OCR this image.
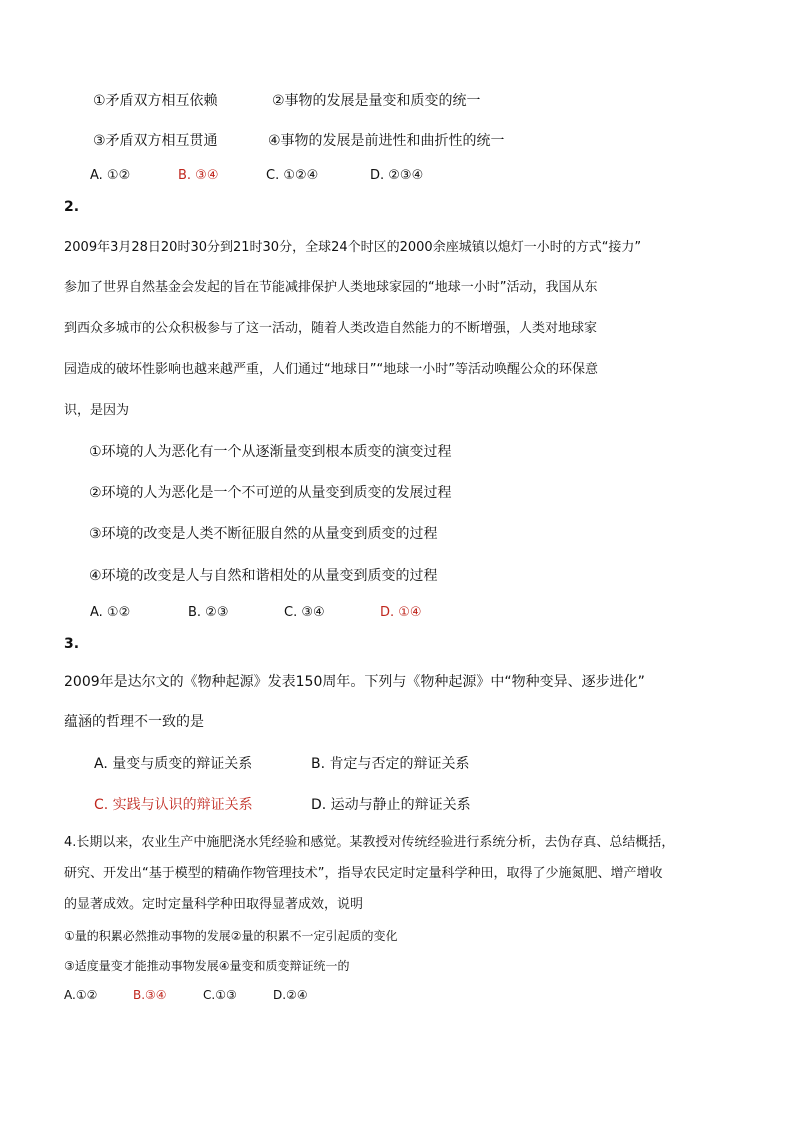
①矛盾双方相互依赖	②事物的发展是量变和质变的统一
③矛盾双方相互贯通	④事物的发展是前进性和曲折性的统一
A. ①②	B. ③④	C. ①②④	D. ②③④
2.
2009年3月28日20时30分到21时30分，全球24个时区的2000余座城镇以熄灯一小时的方式“接力”
参加了世界自然基金会发起的旨在节能减排保护人类地球家园的“地球一小时”活动，我国从东
到西众多城市的公众积极参与了这一活动，随着人类改造自然能力的不断增强，人类对地球家
园造成的破坏性影响也越来越严重，人们通过“地球日”“地球一小时”等活动唤醒公众的环保意
识，是因为
①环境的人为恶化有一个从逐渐量变到根本质变的演变过程
②环境的人为恶化是一个不可逆的从量变到质变的发展过程
③环境的改变是人类不断征服自然的从量变到质变的过程
④环境的改变是人与自然和谐相处的从量变到质变的过程
A. ①②	B. ②③	C. ③④	D. ①④
3.
2009年是达尔文的《物种起源》发表150周年。下列与《物种起源》中“物种变异、逐步进化”
蕴涵的哲理不一致的是
A. 量变与质变的辩证关系	B. 肯定与否定的辩证关系
C. 实践与认识的辩证关系	D. 运动与静止的辩证关系
4.长期以来，农业生产中施肥浇水凭经验和感觉。某教授对传统经验进行系统分析，去伪存真、总结概括，
研究、开发出“基于模型的精确作物管理技术”，指导农民定时定量科学种田，取得了少施氮肥、增产增收
的显著成效。定时定量科学种田取得显著成效，说明
①量的积累必然推动事物的发展②量的积累不一定引起质的变化
③适度量变才能推动事物发展④量变和质变辩证统一的
A.①②	B.③④	C.①③	D.②④
